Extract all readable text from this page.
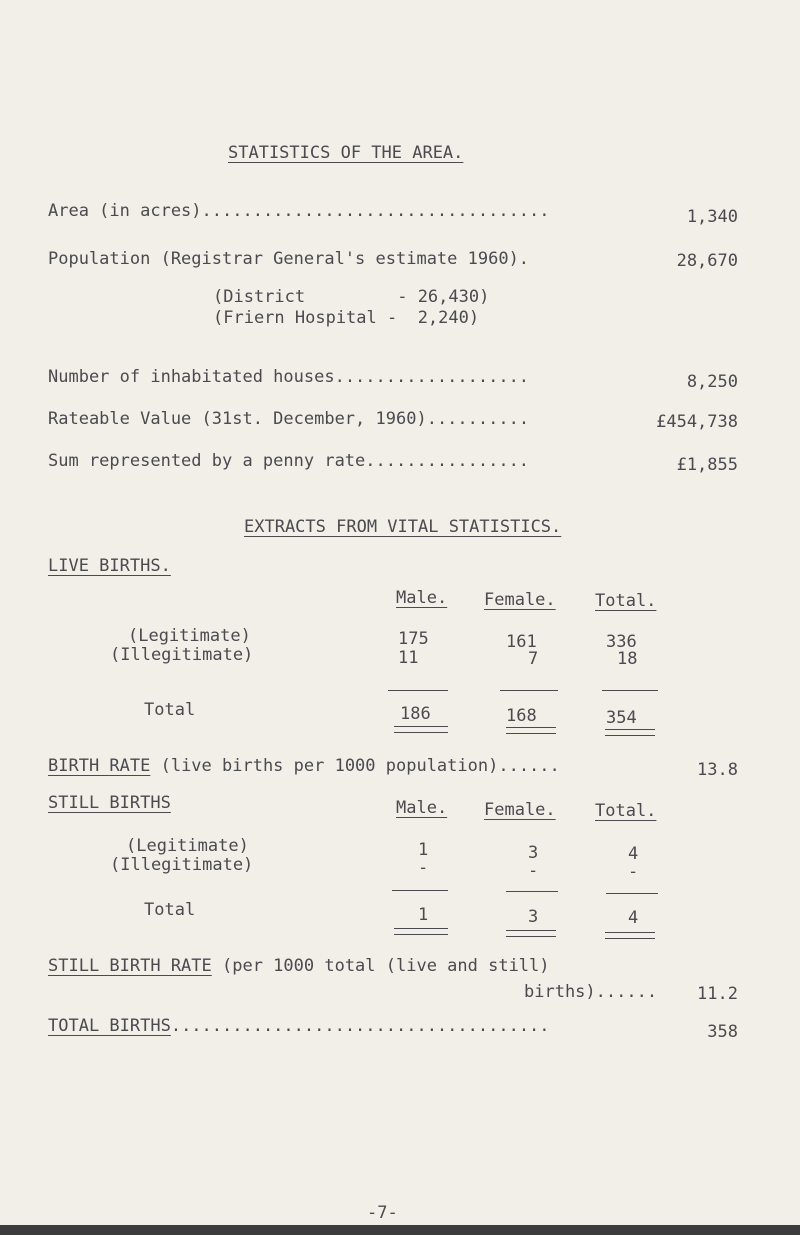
STATISTICS OF THE AREA.
Area (in acres)..................................	1,340
Population (Registrar General's estimate 1960).	28,670
(District         - 26,430)
(Friern Hospital -  2,240)
Number of inhabitated houses...................	8,250
Rateable Value (31st. December, 1960)..........	£454,738
Sum represented by a penny rate................	£1,855
EXTRACTS FROM VITAL STATISTICS.
LIVE BIRTHS.
Male. Female. Total.
(Legitimate)	175	161	336
(Illegitimate)	11	7	18
Total	186	168	354
BIRTH RATE (live births per 1000 population)......	13.8
STILL BIRTHS	Male. Female. Total.
(Legitimate)	1	3	4
(Illegitimate)	-	-	-
Total	1	3	4
STILL BIRTH RATE (per 1000 total (live and still)
births)...... 11.2
TOTAL BIRTHS.....................................	358
-7-
